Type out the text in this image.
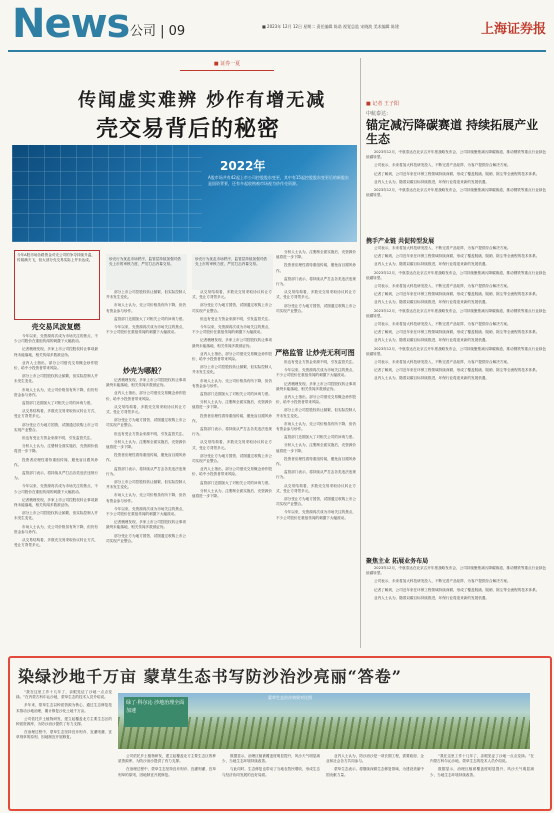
News 公司 | 09	■ 2023年 12月 12日 星期二 责任编辑 陈诺 视觉总监 宋晓波 美术编辑 陈建	上海证券报
■ 证券一夏
传闻虚实难辨 炒作有增无减
壳交易背后的秘密
2022年
A股市场共有42起上市公司控股股东变更，其中有15起控股股东变更后的新股东是国资背景，还有多起收购被市场视为炒作壳资源。
今年A股市场各路资金对壳公司的争夺持续升温，传闻满天飞，但大部分壳交易实际上并未达成。
壳交易风波复燃

今年以来，壳资源再次成为市场关注的焦点，不少公司股价在重组传闻的刺激下大幅波动。

记者梳理发现，多家上市公司控股权转让事项最终未能落地，相关传闻多数被证伪。

业内人士指出，部分公司借壳交易概念炒作股价，给中小投资者带来风险。

部分上市公司控股权转让频繁，但实际控制人并未发生变化。

市场人士认为，壳公司价格虽有所下降，但仍有资金参与炒作。

监管部门近期加大了对相关公司的问询力度。

从交易结构看，多数壳交易采取协议转让方式，受让方背景多元。

部分受让方为地方国资，试图通过收购上市公司实现产业整合。

但也有受让方资金来源不明，引发监管关注。

分析人士认为，注册制全面实施后，壳资源价值将进一步下降。

投资者应理性看待重组传闻，避免盲目跟风炒作。

监管部门表示，将持续从严打击各类违法违规行为。

今年以来，壳资源再次成为市场关注的焦点，不少公司股价在重组传闻的刺激下大幅波动。

记者梳理发现，多家上市公司控股权转让事项最终未能落地，相关传闻多数被证伪。

部分上市公司控股权转让频繁，但实际控制人并未发生变化。

市场人士认为，壳公司价格虽有所下降，但仍有资金参与炒作。

从交易结构看，多数壳交易采取协议转让方式，受让方背景多元。

炒壳行为扰乱市场秩序，监管层持续加强对借壳上市的审核力度，严厉打击内幕交易。
炒壳为哪般？

部分上市公司控股权转让频繁，但实际控制人并未发生变化。

市场人士认为，壳公司价格虽有所下降，但仍有资金参与炒作。

监管部门近期加大了对相关公司的问询力度。

今年以来，壳资源再次成为市场关注的焦点，不少公司股价在重组传闻的刺激下大幅波动。

记者梳理发现，多家上市公司控股权转让事项最终未能落地，相关传闻多数被证伪。

业内人士指出，部分公司借壳交易概念炒作股价，给中小投资者带来风险。

从交易结构看，多数壳交易采取协议转让方式，受让方背景多元。

部分受让方为地方国资，试图通过收购上市公司实现产业整合。

但也有受让方资金来源不明，引发监管关注。

分析人士认为，注册制全面实施后，壳资源价值将进一步下降。

投资者应理性看待重组传闻，避免盲目跟风炒作。

监管部门表示，将持续从严打击各类违法违规行为。

部分上市公司控股权转让频繁，但实际控制人并未发生变化。

市场人士认为，壳公司价格虽有所下降，但仍有资金参与炒作。

今年以来，壳资源再次成为市场关注的焦点，不少公司股价在重组传闻的刺激下大幅波动。

记者梳理发现，多家上市公司控股权转让事项最终未能落地，相关传闻多数被证伪。

部分受让方为地方国资，试图通过收购上市公司实现产业整合。

炒壳行为扰乱市场秩序，监管层持续加强对借壳上市的审核力度，严厉打击内幕交易。

从交易结构看，多数壳交易采取协议转让方式，受让方背景多元。

部分受让方为地方国资，试图通过收购上市公司实现产业整合。

但也有受让方资金来源不明，引发监管关注。

今年以来，壳资源再次成为市场关注的焦点，不少公司股价在重组传闻的刺激下大幅波动。

记者梳理发现，多家上市公司控股权转让事项最终未能落地，相关传闻多数被证伪。

业内人士指出，部分公司借壳交易概念炒作股价，给中小投资者带来风险。

部分上市公司控股权转让频繁，但实际控制人并未发生变化。

市场人士认为，壳公司价格虽有所下降，但仍有资金参与炒作。

监管部门近期加大了对相关公司的问询力度。

分析人士认为，注册制全面实施后，壳资源价值将进一步下降。

投资者应理性看待重组传闻，避免盲目跟风炒作。

监管部门表示，将持续从严打击各类违法违规行为。

从交易结构看，多数壳交易采取协议转让方式，受让方背景多元。

部分受让方为地方国资，试图通过收购上市公司实现产业整合。

业内人士指出，部分公司借壳交易概念炒作股价，给中小投资者带来风险。

监管部门近期加大了对相关公司的问询力度。

分析人士认为，注册制全面实施后，壳资源价值将进一步下降。

严格监管 让炒壳无利可图

分析人士认为，注册制全面实施后，壳资源价值将进一步下降。

投资者应理性看待重组传闻，避免盲目跟风炒作。

监管部门表示，将持续从严打击各类违法违规行为。

从交易结构看，多数壳交易采取协议转让方式，受让方背景多元。

部分受让方为地方国资，试图通过收购上市公司实现产业整合。

但也有受让方资金来源不明，引发监管关注。

今年以来，壳资源再次成为市场关注的焦点，不少公司股价在重组传闻的刺激下大幅波动。

记者梳理发现，多家上市公司控股权转让事项最终未能落地，相关传闻多数被证伪。

业内人士指出，部分公司借壳交易概念炒作股价，给中小投资者带来风险。

部分上市公司控股权转让频繁，但实际控制人并未发生变化。

市场人士认为，壳公司价格虽有所下降，但仍有资金参与炒作。

监管部门近期加大了对相关公司的问询力度。

分析人士认为，注册制全面实施后，壳资源价值将进一步下降。

投资者应理性看待重组传闻，避免盲目跟风炒作。

监管部门表示，将持续从严打击各类违法违规行为。

从交易结构看，多数壳交易采取协议转让方式，受让方背景多元。

部分受让方为地方国资，试图通过收购上市公司实现产业整合。

今年以来，壳资源再次成为市场关注的焦点，不少公司股价在重组传闻的刺激下大幅波动。

■ 记者 王子阳
中航泰达：
锚定减污降碳赛道 持续拓展产业生态

2023年12月，中航泰达在北京召开年度战略发布会，公司持续聚焦减污降碳赛道，推动钢铁等重点行业绿色低碳转型。

公司表示，未来将加大科技研发投入，不断完善产品矩阵，为客户提供综合解决方案。

记者了解到，公司近年来在环保工程领域持续深耕，形成了覆盖脱硫、脱硝、除尘等全流程的技术体系。

业内人士认为，随着双碳目标持续推进，环保行业将迎来新的发展机遇。

2023年12月，中航泰达在北京召开年度战略发布会，公司持续聚焦减污降碳赛道，推动钢铁等重点行业绿色低碳转型。

携手产业链 共促转型发展

公司表示，未来将加大科技研发投入，不断完善产品矩阵，为客户提供综合解决方案。

记者了解到，公司近年来在环保工程领域持续深耕，形成了覆盖脱硫、脱硝、除尘等全流程的技术体系。

业内人士认为，随着双碳目标持续推进，环保行业将迎来新的发展机遇。

2023年12月，中航泰达在北京召开年度战略发布会，公司持续聚焦减污降碳赛道，推动钢铁等重点行业绿色低碳转型。

公司表示，未来将加大科技研发投入，不断完善产品矩阵，为客户提供综合解决方案。

记者了解到，公司近年来在环保工程领域持续深耕，形成了覆盖脱硫、脱硝、除尘等全流程的技术体系。

业内人士认为，随着双碳目标持续推进，环保行业将迎来新的发展机遇。

2023年12月，中航泰达在北京召开年度战略发布会，公司持续聚焦减污降碳赛道，推动钢铁等重点行业绿色低碳转型。

公司表示，未来将加大科技研发投入，不断完善产品矩阵，为客户提供综合解决方案。

记者了解到，公司近年来在环保工程领域持续深耕，形成了覆盖脱硫、脱硝、除尘等全流程的技术体系。

业内人士认为，随着双碳目标持续推进，环保行业将迎来新的发展机遇。

2023年12月，中航泰达在北京召开年度战略发布会，公司持续聚焦减污降碳赛道，推动钢铁等重点行业绿色低碳转型。

公司表示，未来将加大科技研发投入，不断完善产品矩阵，为客户提供综合解决方案。

记者了解到，公司近年来在环保工程领域持续深耕，形成了覆盖脱硫、脱硝、除尘等全流程的技术体系。

业内人士认为，随着双碳目标持续推进，环保行业将迎来新的发展机遇。

聚焦主业 拓展业务布局

2023年12月，中航泰达在北京召开年度战略发布会，公司持续聚焦减污降碳赛道，推动钢铁等重点行业绿色低碳转型。

公司表示，未来将加大科技研发投入，不断完善产品矩阵，为客户提供综合解决方案。

记者了解到，公司近年来在环保工程领域持续深耕，形成了覆盖脱硫、脱硝、除尘等全流程的技术体系。

业内人士认为，随着双碳目标持续推进，环保行业将迎来新的发展机遇。

染绿沙地千万亩 蒙草生态书写防沙治沙亮丽“答卷”

“我在这里工作十几年了，亲眼见证了沙地一点点变绿。”在内蒙古科尔沁沙地，蒙草生态的技术人员介绍说。

多年来，蒙草生态以种质资源为核心，通过生态修复技术推动沙地治理，累计修复沙化土地千万亩。

公司依托乡土植物研发，建立起覆盖北方主要生态区的种质资源库，为防沙治沙提供了有力支撑。

在治理过程中，蒙草生态坚持宜乔则乔、宜灌则灌、宜草则草的原则，因地制宜开展修复。

绿了·科尔沁 沙地治理全面加速
蒙草生态治沙效果对比图

公司依托乡土植物研发，建立起覆盖北方主要生态区的种质资源库，为防沙治沙提供了有力支撑。

在治理过程中，蒙草生态坚持宜乔则乔、宜灌则灌、宜草则草的原则，因地制宜开展修复。

数据显示，治理区植被覆盖度明显提升，风沙天气明显减少，当地生态环境持续改善。

与此同时，生态修复也带动了当地农牧民增收，形成生态与经济协同发展的良好局面。

业内人士认为，防沙治沙是一项长期工程，需要政府、企业和社会各方共同参与。

蒙草生态表示，将继续深耕生态修复领域，为建设美丽中国贡献力量。

“我在这里工作十几年了，亲眼见证了沙地一点点变绿。”在内蒙古科尔沁沙地，蒙草生态的技术人员介绍说。

数据显示，治理区植被覆盖度明显提升，风沙天气明显减少，当地生态环境持续改善。
